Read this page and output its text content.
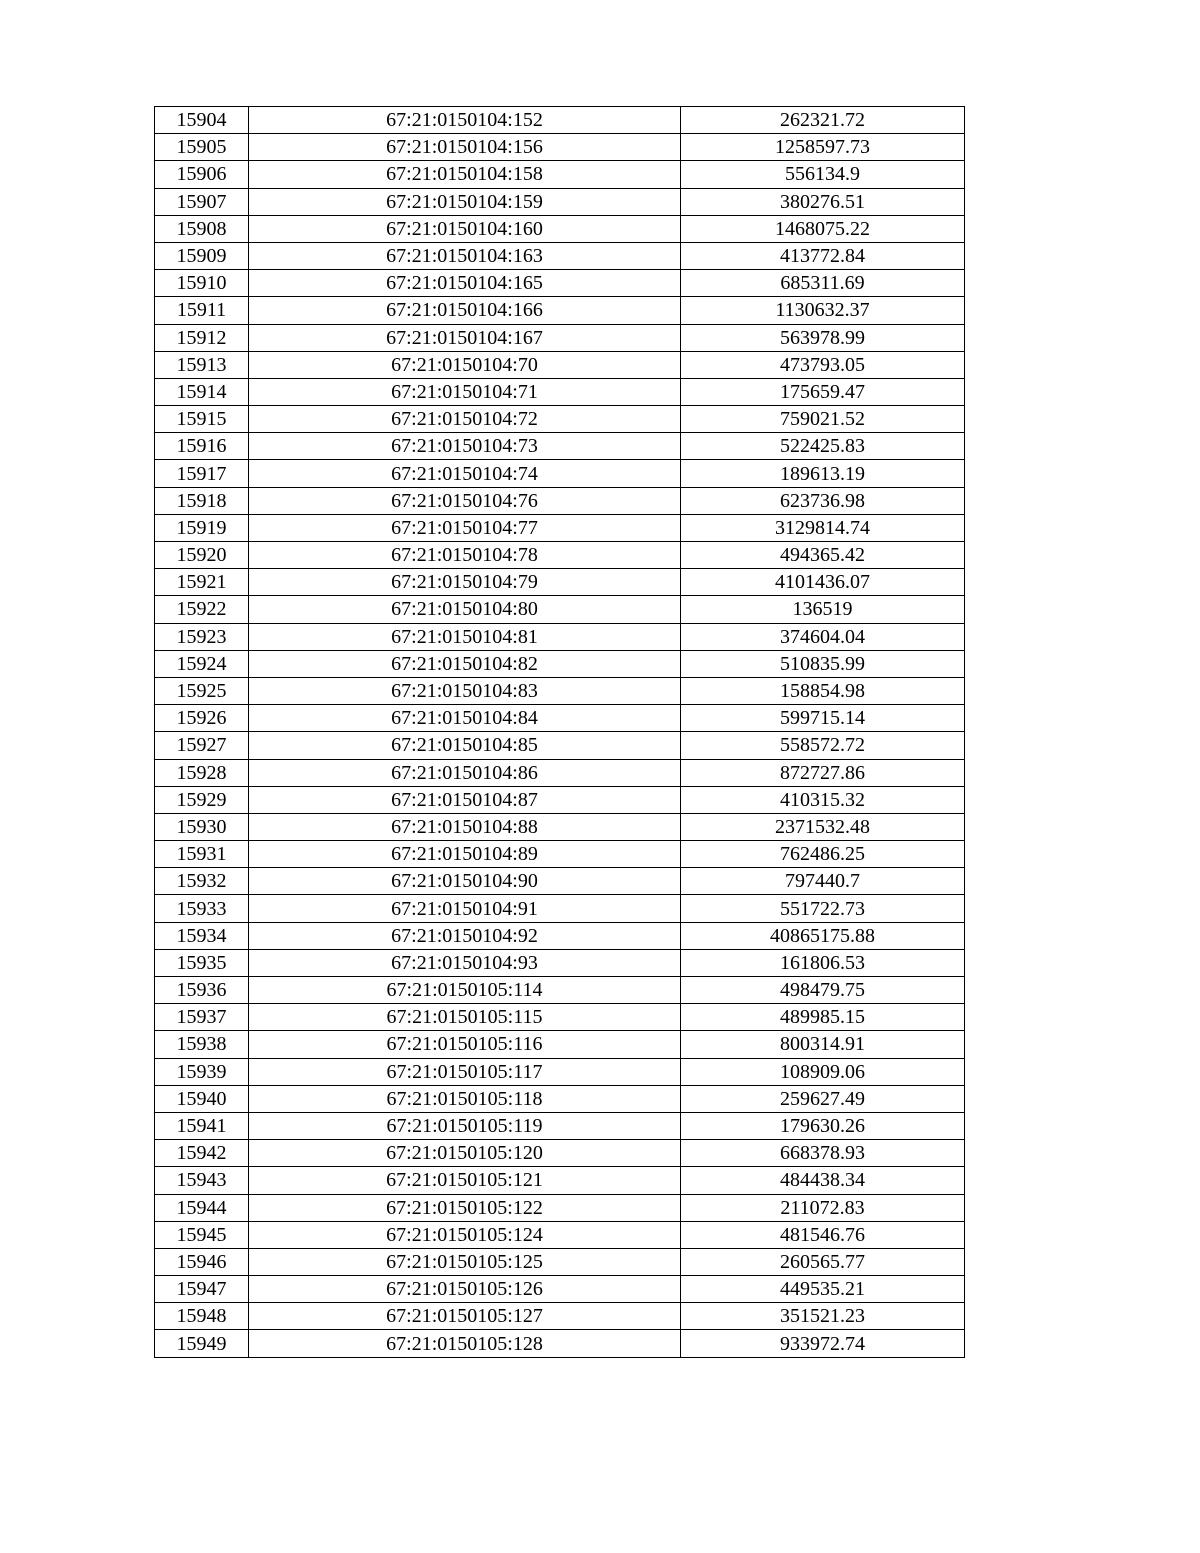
15904	67:21:0150104:152	262321.72
15905	67:21:0150104:156	1258597.73
15906	67:21:0150104:158	556134.9
15907	67:21:0150104:159	380276.51
15908	67:21:0150104:160	1468075.22
15909	67:21:0150104:163	413772.84
15910	67:21:0150104:165	685311.69
15911	67:21:0150104:166	1130632.37
15912	67:21:0150104:167	563978.99
15913	67:21:0150104:70	473793.05
15914	67:21:0150104:71	175659.47
15915	67:21:0150104:72	759021.52
15916	67:21:0150104:73	522425.83
15917	67:21:0150104:74	189613.19
15918	67:21:0150104:76	623736.98
15919	67:21:0150104:77	3129814.74
15920	67:21:0150104:78	494365.42
15921	67:21:0150104:79	4101436.07
15922	67:21:0150104:80	136519
15923	67:21:0150104:81	374604.04
15924	67:21:0150104:82	510835.99
15925	67:21:0150104:83	158854.98
15926	67:21:0150104:84	599715.14
15927	67:21:0150104:85	558572.72
15928	67:21:0150104:86	872727.86
15929	67:21:0150104:87	410315.32
15930	67:21:0150104:88	2371532.48
15931	67:21:0150104:89	762486.25
15932	67:21:0150104:90	797440.7
15933	67:21:0150104:91	551722.73
15934	67:21:0150104:92	40865175.88
15935	67:21:0150104:93	161806.53
15936	67:21:0150105:114	498479.75
15937	67:21:0150105:115	489985.15
15938	67:21:0150105:116	800314.91
15939	67:21:0150105:117	108909.06
15940	67:21:0150105:118	259627.49
15941	67:21:0150105:119	179630.26
15942	67:21:0150105:120	668378.93
15943	67:21:0150105:121	484438.34
15944	67:21:0150105:122	211072.83
15945	67:21:0150105:124	481546.76
15946	67:21:0150105:125	260565.77
15947	67:21:0150105:126	449535.21
15948	67:21:0150105:127	351521.23
15949	67:21:0150105:128	933972.74
